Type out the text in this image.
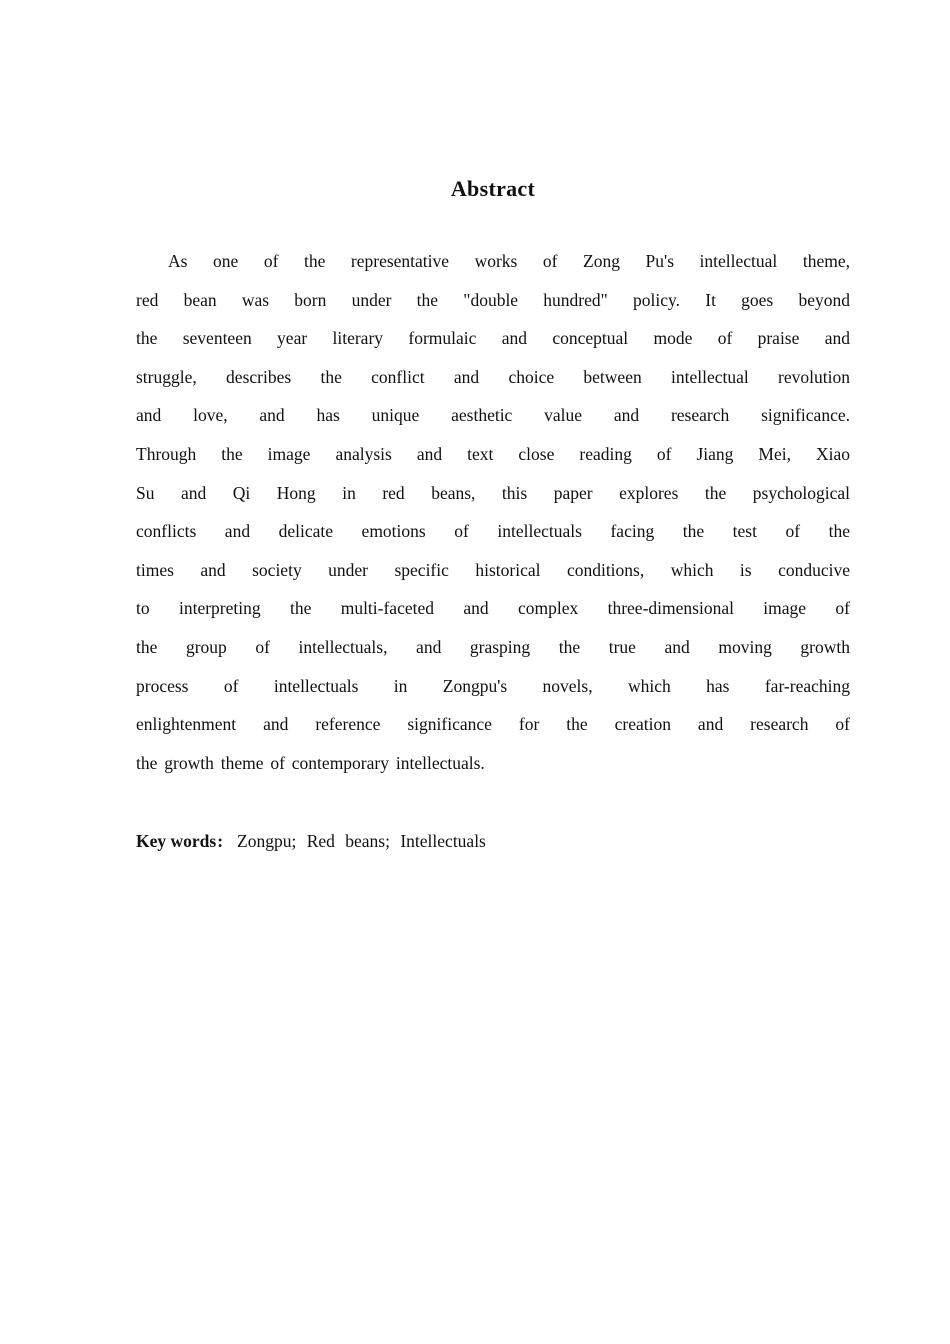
Abstract
As one of the representative works of Zong Pu's intellectual theme,
red bean was born under the "double hundred" policy. It goes beyond
the seventeen year literary formulaic and conceptual mode of praise and
struggle, describes the conflict and choice between intellectual revolution
and love, and has unique aesthetic value and research significance.
Through the image analysis and text close reading of Jiang Mei, Xiao
Su and Qi Hong in red beans, this paper explores the psychological
conflicts and delicate emotions of intellectuals facing the test of the
times and society under specific historical conditions, which is conducive
to interpreting the multi-faceted and complex three-dimensional image of
the group of intellectuals, and grasping the true and moving growth
process of intellectuals in Zongpu's novels, which has far-reaching
enlightenment and reference significance for the creation and research of
the growth theme of contemporary intellectuals.
Key words: Zongpu; Red beans; Intellectuals
